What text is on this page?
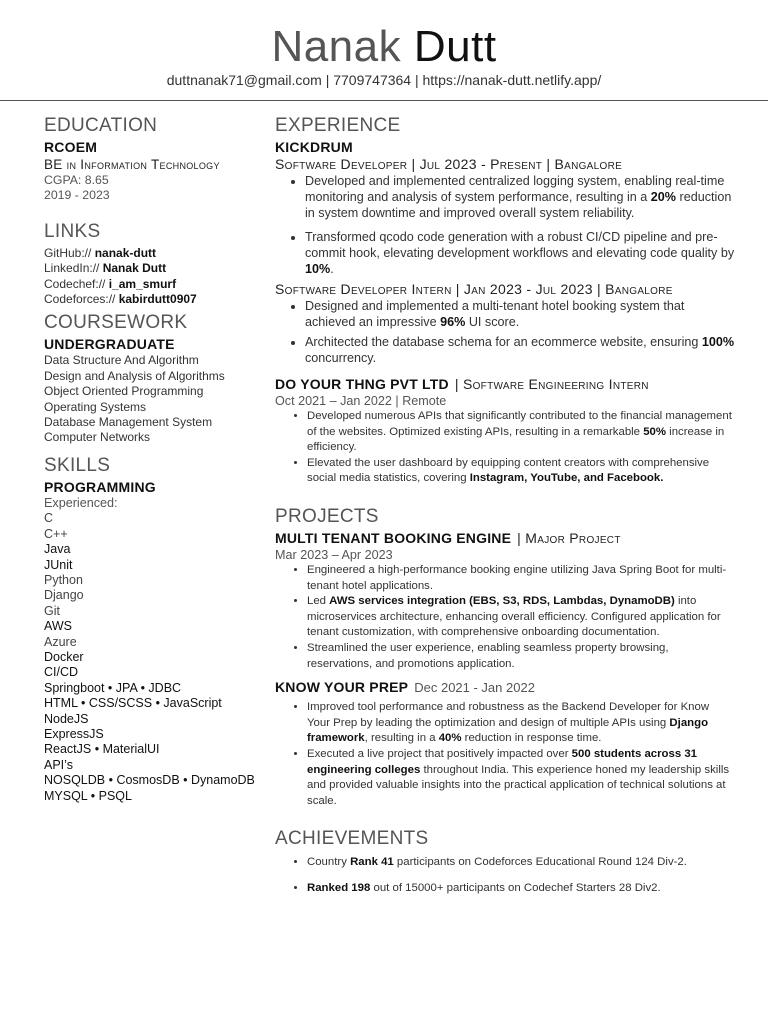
Nanak Dutt
duttnanak71@gmail.com | 7709747364 | https://nanak-dutt.netlify.app/
EDUCATION
RCOEM
BE in Information Technology
CGPA: 8.65
2019 - 2023
LINKS
GitHub:// nanak-dutt
LinkedIn:// Nanak Dutt
Codechef:// i_am_smurf
Codeforces:// kabirdutt0907
COURSEWORK
UNDERGRADUATE
Data Structure And Algorithm
Design and Analysis of Algorithms
Object Oriented Programming
Operating Systems
Database Management System
Computer Networks
SKILLS
PROGRAMMING
Experienced:
C
C++
Java
JUnit
Python
Django
Git
AWS
Azure
Docker
CI/CD
Springboot • JPA • JDBC
HTML • CSS/SCSS • JavaScript
NodeJS
ExpressJS
ReactJS • MaterialUI
API’s
NOSQLDB • CosmosDB • DynamoDB
MYSQL • PSQL
EXPERIENCE
KICKDRUM
Software Developer | Jul 2023 - Present | Bangalore
• Developed and implemented centralized logging system, enabling real-time monitoring and analysis of system performance, resulting in a 20% reduction in system downtime and improved overall system reliability.
• Transformed qcodo code generation with a robust CI/CD pipeline and pre-commit hook, elevating development workflows and elevating code quality by 10%.
Software Developer Intern | Jan 2023 - Jul 2023 | Bangalore
• Designed and implemented a multi-tenant hotel booking system that achieved an impressive 96% UI score.
• Architected the database schema for an ecommerce website, ensuring 100% concurrency.
DO YOUR THNG PVT LTD | Software Engineering Intern
Oct 2021 – Jan 2022 | Remote
• Developed numerous APIs that significantly contributed to the financial management of the websites. Optimized existing APIs, resulting in a remarkable 50% increase in efficiency.
• Elevated the user dashboard by equipping content creators with comprehensive social media statistics, covering Instagram, YouTube, and Facebook.
PROJECTS
MULTI TENANT BOOKING ENGINE | Major Project
Mar 2023 – Apr 2023
• Engineered a high-performance booking engine utilizing Java Spring Boot for multi-tenant hotel applications.
• Led AWS services integration (EBS, S3, RDS, Lambdas, DynamoDB) into microservices architecture, enhancing overall efficiency. Configured application for tenant customization, with comprehensive onboarding documentation.
• Streamlined the user experience, enabling seamless property browsing, reservations, and promotions application.
KNOW YOUR PREP Dec 2021 - Jan 2022
• Improved tool performance and robustness as the Backend Developer for Know Your Prep by leading the optimization and design of multiple APIs using Django framework, resulting in a 40% reduction in response time.
• Executed a live project that positively impacted over 500 students across 31 engineering colleges throughout India. This experience honed my leadership skills and provided valuable insights into the practical application of technical solutions at scale.
ACHIEVEMENTS
• Country Rank 41 participants on Codeforces Educational Round 124 Div-2.
• Ranked 198 out of 15000+ participants on Codechef Starters 28 Div2.
